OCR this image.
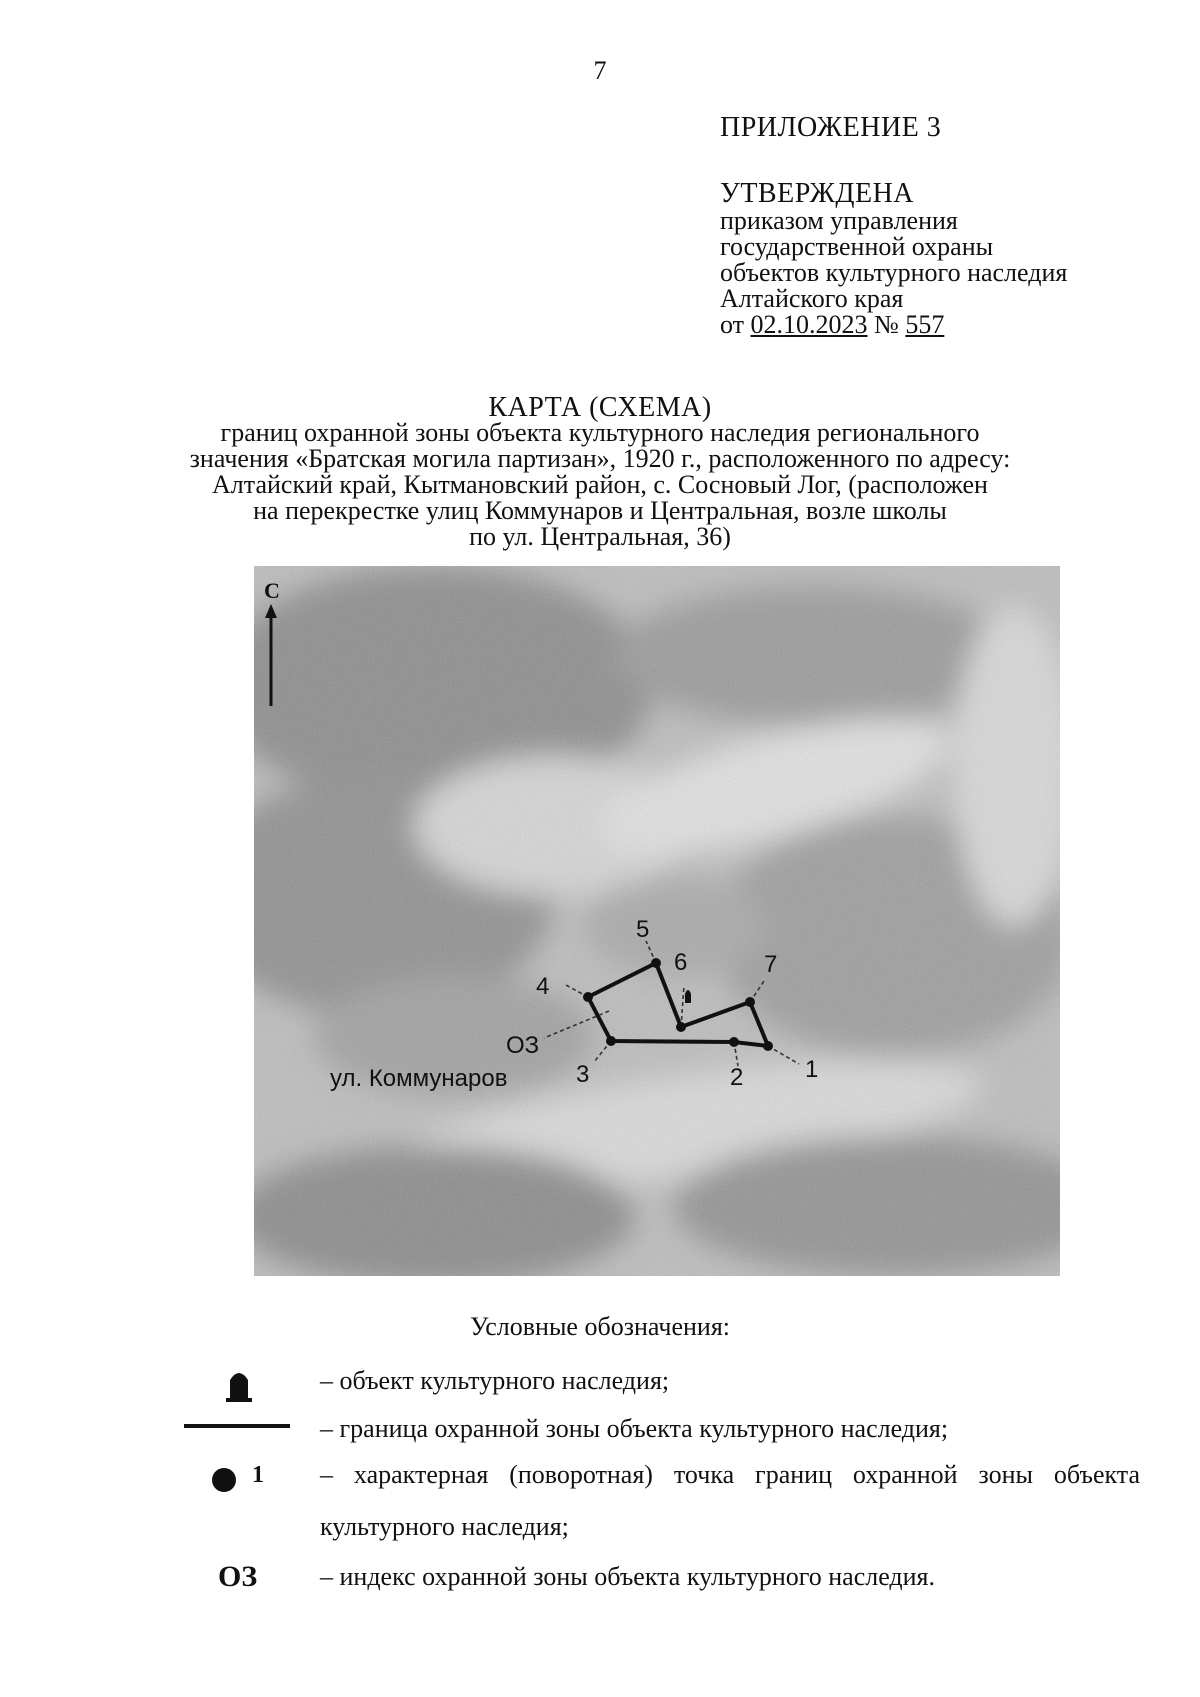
7
ПРИЛОЖЕНИЕ 3
УТВЕРЖДЕНА
приказом управления
государственной охраны
объектов культурного наследия
Алтайского края
от 02.10.2023 № 557
КАРТА (СХЕМА)
границ охранной зоны объекта культурного наследия регионального
значения «Братская могила партизан», 1920 г., расположенного по адресу:
Алтайский край, Кытмановский район, с. Сосновый Лог, (расположен
на перекрестке улиц Коммунаров и Центральная, возле школы
по ул. Центральная, 36)
С
1
2
3
4
5
6	7
ОЗ
ул. Коммунаров
Условные обозначения:
– объект культурного наследия;
– граница охранной зоны объекта культурного наследия;
1 – характерная (поворотная) точка границ охранной зоны объекта
культурного наследия;
ОЗ – индекс охранной зоны объекта культурного наследия.
